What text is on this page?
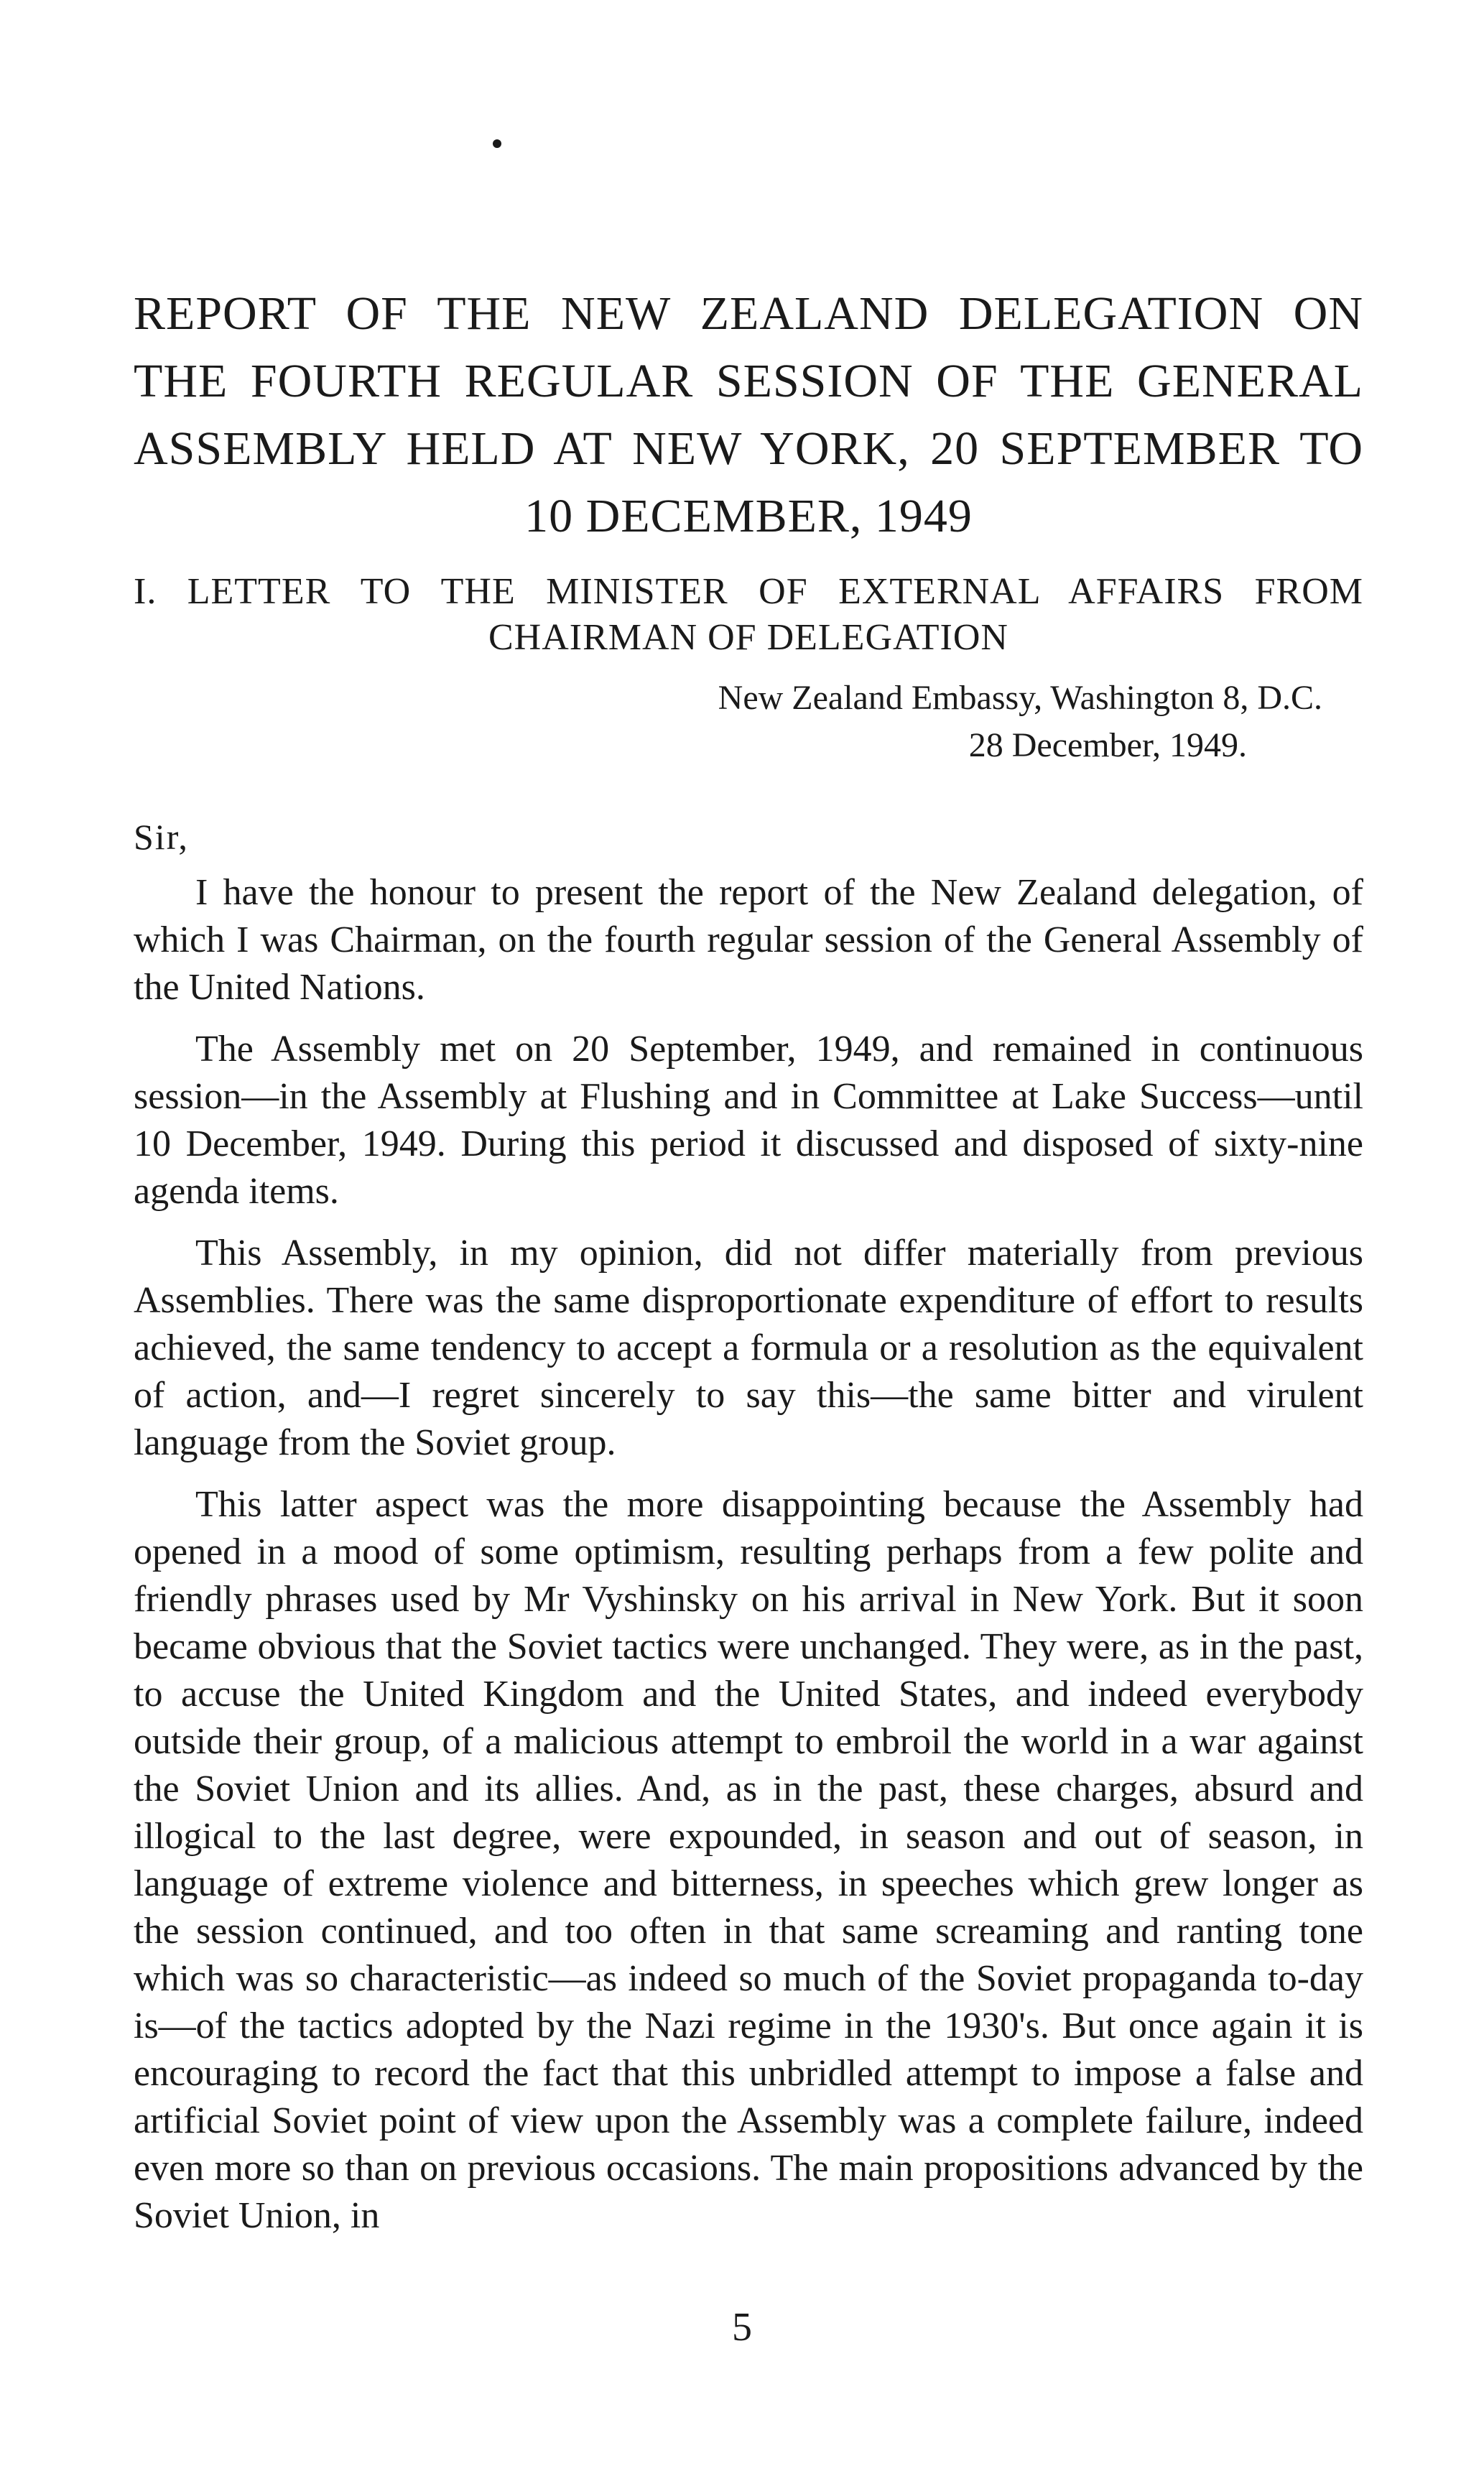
REPORT OF THE NEW ZEALAND DELEGATION ON
THE FOURTH REGULAR SESSION OF THE GENERAL
ASSEMBLY HELD AT NEW YORK, 20 SEPTEMBER TO
10 DECEMBER, 1949
I. LETTER TO THE MINISTER OF EXTERNAL AFFAIRS FROM
CHAIRMAN OF DELEGATION
New Zealand Embassy, Washington 8, D.C.
28 December, 1949.
Sir,

I have the honour to present the report of the New Zealand delegation, of which I was Chairman, on the fourth regular session of the General Assembly of the United Nations.

The Assembly met on 20 September, 1949, and remained in continuous session—in the Assembly at Flushing and in Committee at Lake Success—until 10 December, 1949. During this period it discussed and disposed of sixty-nine agenda items.

This Assembly, in my opinion, did not differ materially from previous Assemblies. There was the same disproportionate expenditure of effort to results achieved, the same tendency to accept a formula or a resolution as the equivalent of action, and—I regret sincerely to say this—the same bitter and virulent language from the Soviet group.

This latter aspect was the more disappointing because the Assembly had opened in a mood of some optimism, resulting perhaps from a few polite and friendly phrases used by Mr Vyshinsky on his arrival in New York. But it soon became obvious that the Soviet tactics were unchanged. They were, as in the past, to accuse the United Kingdom and the United States, and indeed everybody outside their group, of a malicious attempt to embroil the world in a war against the Soviet Union and its allies. And, as in the past, these charges, absurd and illogical to the last degree, were expounded, in season and out of season, in language of extreme violence and bitterness, in speeches which grew longer as the session continued, and too often in that same screaming and ranting tone which was so characteristic—as indeed so much of the Soviet propaganda to-day is—of the tactics adopted by the Nazi regime in the 1930's. But once again it is encouraging to record the fact that this unbridled attempt to impose a false and artificial Soviet point of view upon the Assembly was a complete failure, indeed even more so than on previous occasions. The main propositions advanced by the Soviet Union, in

5
